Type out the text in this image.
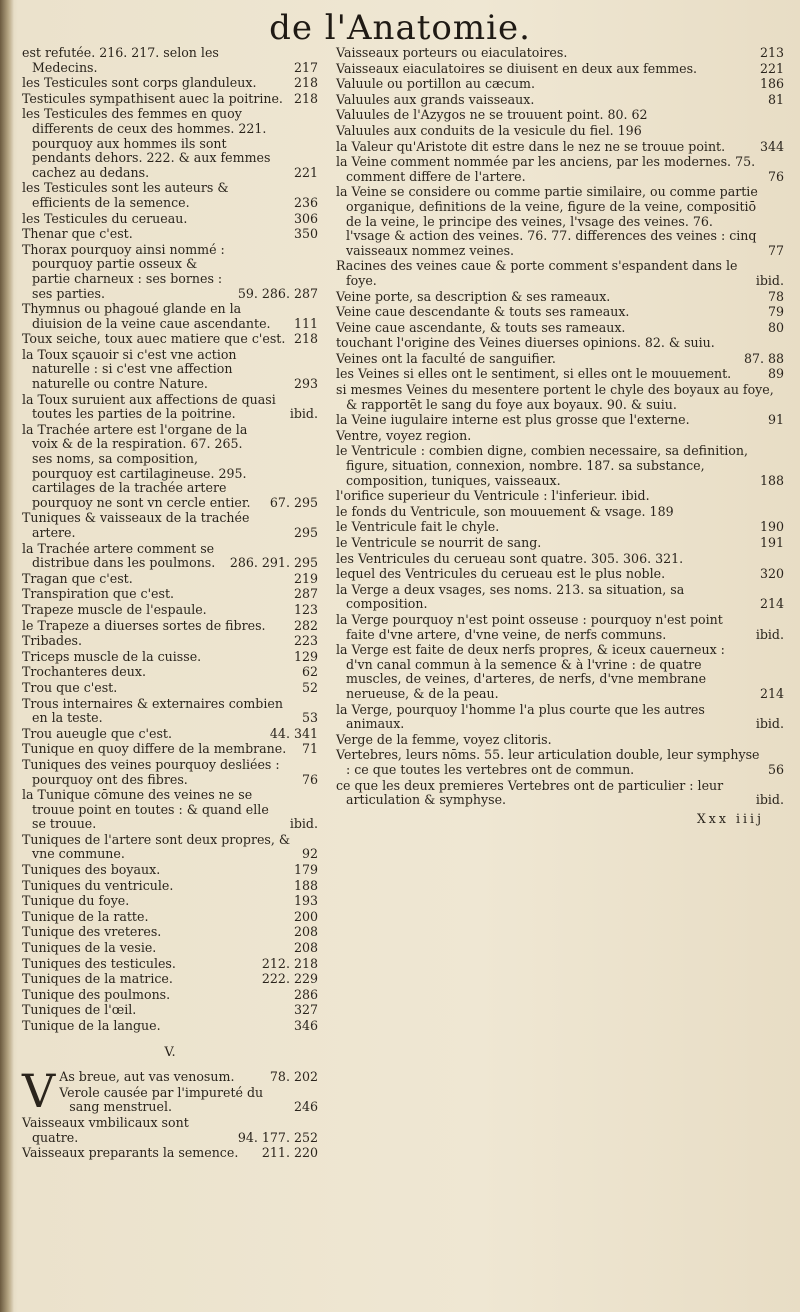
de l'Anatomie.
est refutée. 216. 217. selon les Medecins.	217
les Testicules sont corps glanduleux.	218
Testicules sympathisent auec la poitrine. 218
les Testicules des femmes en quoy differents de ceux des hommes. 221. pourquoy aux hommes ils sont pendants dehors. 222. & aux femmes cachez au dedans.	221
les Testicules sont les auteurs & efficients de la semence.	236
les Testicules du cerueau.	306
Thenar que c'est.	350
Thorax pourquoy ainsi nommé : pourquoy partie osseux & partie charneux : ses bornes : ses parties.	59. 286. 287
Thymnus ou phagoué glande en la diuision de la veine caue ascendante.	111
Toux seiche, toux auec matiere que c'est. 218
la Toux sçauoir si c'est vne action naturelle : si c'est vne affection naturelle ou contre Nature.	293
la Toux suruient aux affections de quasi toutes les parties de la poitrine.	ibid.
la Trachée artere est l'organe de la voix & de la respiration. 67. 265. ses noms, sa composition, pourquoy est cartilagineuse. 295. cartilages de la trachée artere pourquoy ne sont vn cercle entier.	67. 295
Tuniques & vaisseaux de la trachée artere.	295
la Trachée artere comment se distribue dans les poulmons.	286. 291. 295
Tragan que c'est.	219
Transpiration que c'est.	287
Trapeze muscle de l'espaule.	123
le Trapeze a diuerses sortes de fibres.	282
Tribades.	223
Triceps muscle de la cuisse.	129
Trochanteres deux.	62
Trou que c'est.	52
Trous internaires & externaires combien en la teste.	53
Trou aueugle que c'est.	44. 341
Tunique en quoy differe de la membrane.	71
Tuniques des veines pourquoy desliées : pourquoy ont des fibres.	76
la Tunique cōmune des veines ne se trouue point en toutes : & quand elle se trouue.	ibid.
Tuniques de l'artere sont deux propres, & vne commune.	92
Tuniques des boyaux.	179
Tuniques du ventricule.	188
Tunique du foye.	193
Tunique de la ratte.	200
Tunique des vreteres.	208
Tuniques de la vesie.	208
Tuniques des testicules.	212. 218
Tuniques de la matrice.	222. 229
Tunique des poulmons.	286
Tuniques de l'œil.	327
Tunique de la langue.	346
V.
V As breue, aut vas venosum.	78. 202
Verole causée par l'impureté du sang menstruel.	246
Vaisseaux vmbilicaux sont quatre.	94. 177. 252
Vaisseaux preparants la semence.	211. 220
Vaisseaux porteurs ou eiaculatoires.	213
Vaisseaux eiaculatoires se diuisent en deux aux femmes.	221
Valuule ou portillon au cæcum.	186
Valuules aux grands vaisseaux.	81
Valuules de l'Azygos ne se trouuent point. 80. 62
Valuules aux conduits de la vesicule du fiel. 196
la Valeur qu'Aristote dit estre dans le nez ne se trouue point.	344
la Veine comment nommée par les anciens, par les modernes. 75. comment differe de l'artere.	76
la Veine se considere ou comme partie similaire, ou comme partie organique, definitions de la veine, figure de la veine, compositiō de la veine, le principe des veines, l'vsage des veines. 76. l'vsage & action des veines. 76. 77. differences des veines : cinq vaisseaux nommez veines.	77
Racines des veines caue & porte comment s'espandent dans le foye.	ibid.
Veine porte, sa description & ses rameaux.	78
Veine caue descendante & touts ses rameaux.	79
Veine caue ascendante, & touts ses rameaux.	80
touchant l'origine des Veines diuerses opinions. 82. & suiu.
Veines ont la faculté de sanguifier.	87. 88
les Veines si elles ont le sentiment, si elles ont le mouuement.	89
si mesmes Veines du mesentere portent le chyle des boyaux au foye, & rapportēt le sang du foye aux boyaux. 90. & suiu.
la Veine iugulaire interne est plus grosse que l'externe.	91
Ventre, voyez region.
le Ventricule : combien digne, combien necessaire, sa definition, figure, situation, connexion, nombre. 187. sa substance, composition, tuniques, vaisseaux.	188
l'orifice superieur du Ventricule : l'inferieur. ibid.
le fonds du Ventricule, son mouuement & vsage. 189
le Ventricule fait le chyle.	190
le Ventricule se nourrit de sang.	191
les Ventricules du cerueau sont quatre. 305. 306. 321.
lequel des Ventricules du cerueau est le plus noble.	320
la Verge a deux vsages, ses noms. 213. sa situation, sa composition.	214
la Verge pourquoy n'est point osseuse : pourquoy n'est point faite d'vne artere, d'vne veine, de nerfs communs.	ibid.
la Verge est faite de deux nerfs propres, & iceux cauerneux : d'vn canal commun à la semence & à l'vrine : de quatre muscles, de veines, d'arteres, de nerfs, d'vne membrane nerueuse, & de la peau.	214
la Verge, pourquoy l'homme l'a plus courte que les autres animaux.	ibid.
Verge de la femme, voyez clitoris.
Vertebres, leurs nōms. 55. leur articulation double, leur symphyse : ce que toutes les vertebres ont de commun.	56
ce que les deux premieres Vertebres ont de particulier : leur articulation & symphyse.	ibid.
Xxx iiij
